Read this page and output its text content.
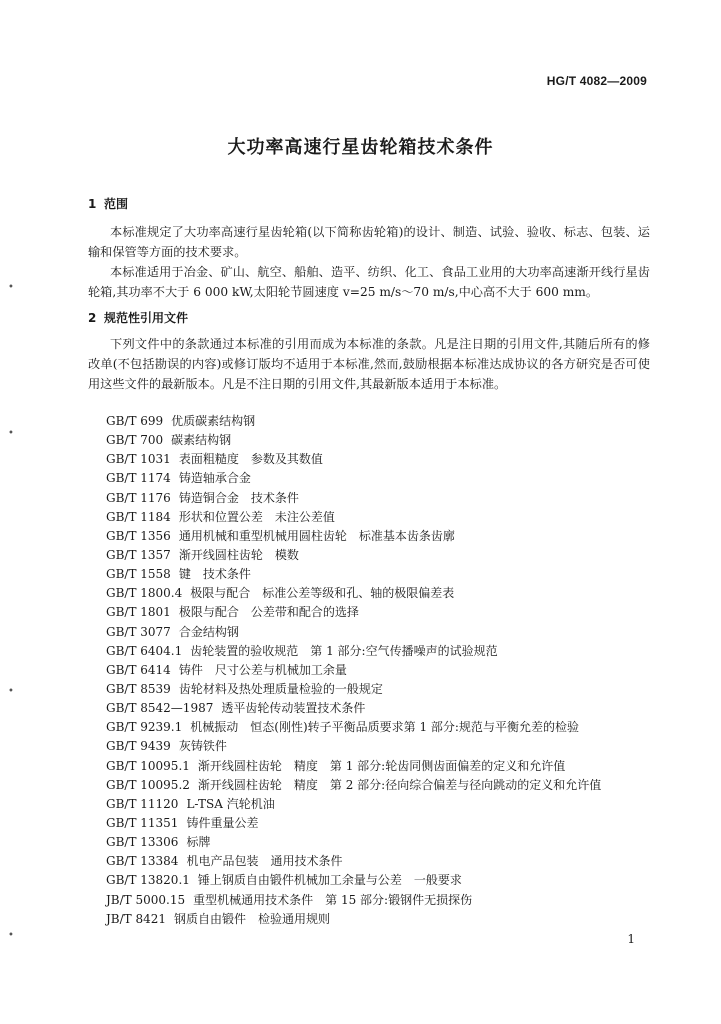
HG/T 4082—2009
大功率高速行星齿轮箱技术条件
1 范围

本标准规定了大功率高速行星齿轮箱(以下简称齿轮箱)的设计、制造、试验、验收、标志、包装、运输和保管等方面的技术要求。

本标准适用于冶金、矿山、航空、船舶、造平、纺织、化工、食品工业用的大功率高速渐开线行星齿轮箱,其功率不大于 6 000 kW,太阳轮节圆速度 v=25 m/s～70 m/s,中心高不大于 600 mm。

2 规范性引用文件

下列文件中的条款通过本标准的引用而成为本标准的条款。凡是注日期的引用文件,其随后所有的修改单(不包括勘误的内容)或修订版均不适用于本标准,然而,鼓励根据本标准达成协议的各方研究是否可使用这些文件的最新版本。凡是不注日期的引用文件,其最新版本适用于本标准。

GB/T 699 优质碳素结构钢
GB/T 700 碳素结构钢
GB/T 1031 表面粗糙度　参数及其数值
GB/T 1174 铸造轴承合金
GB/T 1176 铸造铜合金　技术条件
GB/T 1184 形状和位置公差　未注公差值
GB/T 1356 通用机械和重型机械用圆柱齿轮　标准基本齿条齿廓
GB/T 1357 渐开线圆柱齿轮　模数
GB/T 1558 键　技术条件
GB/T 1800.4 极限与配合　标准公差等级和孔、轴的极限偏差表
GB/T 1801 极限与配合　公差带和配合的选择
GB/T 3077 合金结构钢
GB/T 6404.1 齿轮装置的验收规范　第 1 部分:空气传播噪声的试验规范
GB/T 6414 铸件　尺寸公差与机械加工余量
GB/T 8539 齿轮材料及热处理质量检验的一般规定
GB/T 8542—1987 透平齿轮传动装置技术条件
GB/T 9239.1 机械振动　恒态(刚性)转子平衡品质要求第 1 部分:规范与平衡允差的检验
GB/T 9439 灰铸铁件
GB/T 10095.1 渐开线圆柱齿轮　精度　第 1 部分:轮齿同侧齿面偏差的定义和允许值
GB/T 10095.2 渐开线圆柱齿轮　精度　第 2 部分:径向综合偏差与径向跳动的定义和允许值
GB/T 11120 L-TSA 汽轮机油
GB/T 11351 铸件重量公差
GB/T 13306 标牌
GB/T 13384 机电产品包装　通用技术条件
GB/T 13820.1 锤上钢质自由锻件机械加工余量与公差　一般要求
JB/T 5000.15 重型机械通用技术条件　第 15 部分:锻钢件无损探伤
JB/T 8421 钢质自由锻件　检验通用规则
1
•
•
•
•
